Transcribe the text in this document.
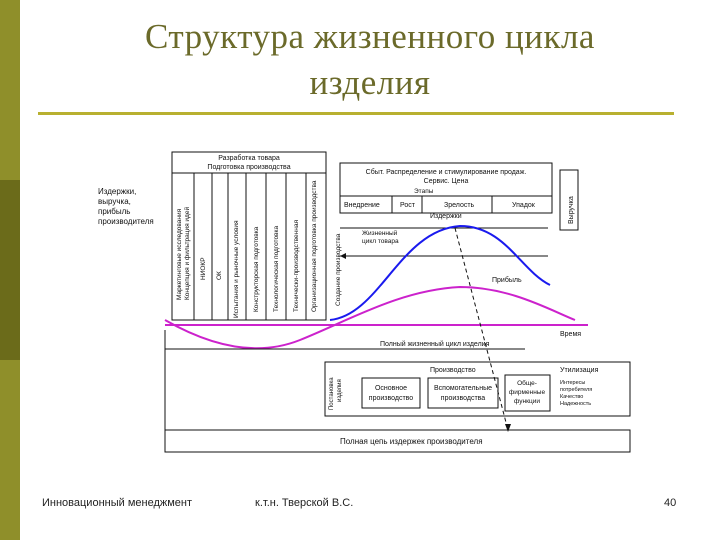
Структура жизненного цикла
изделия
Издержки,
выручка,
прибыль
производителя
Разработка товара
Подготовка производства
Маркетинговые исследования Концепция и фильтрация идей НИОКР ОК Испытания и рыночные условия Конструкторская подготовка Технологическая подготовка Технически-производственная Организационная подготовка производства
Сбыт. Распределение и стимулирование продаж.
Сервис. Цена
Этапы
Внедрение	Рост	Зрелость	Упадок	Выручка
Издержки
Жизненный
цикл товара
Создание производства	Прибыль
Время
Полный жизненный цикл изделия
Производство	Утилизация
Постановка изделия	Основное
производство
Вспомогательные
производства
Обще-
фирменные
функции
Интересы
потребителя
Качество
Надежность
Полная цепь издержек производителя
Инновационный менеджмент	к.т.н. Тверской В.С.	40
